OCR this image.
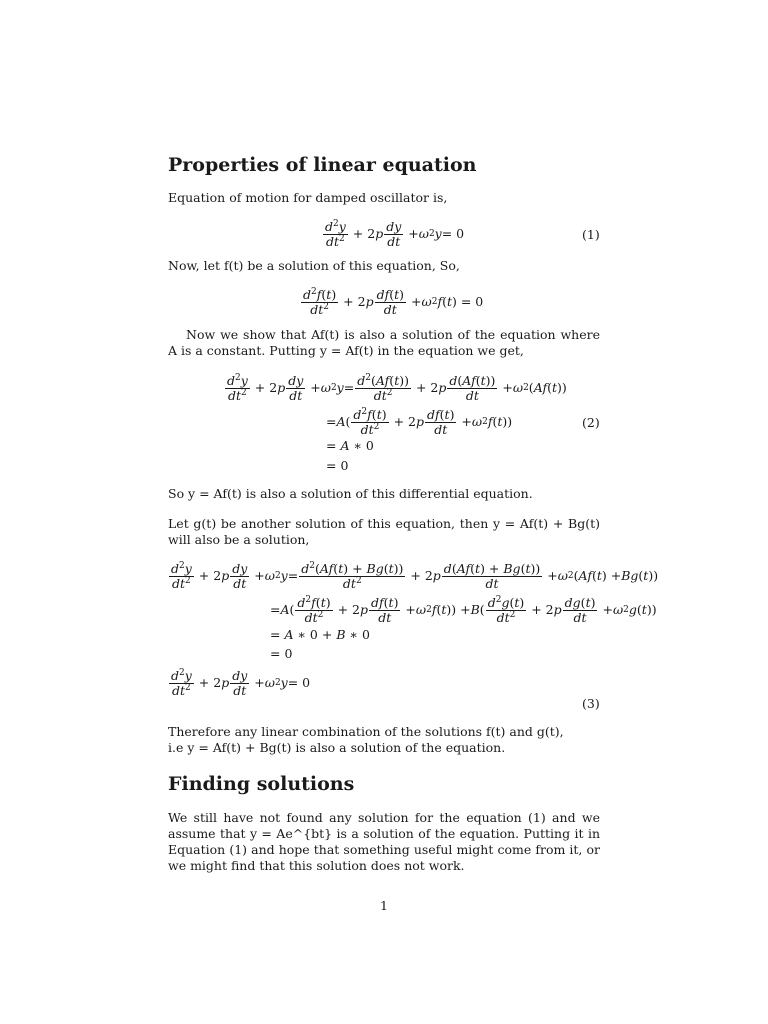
Properties of linear equation
Equation of motion for damped oscillator is,
$\frac{d^2y}{dt^2} + 2$ p $\frac{dy}{dt} + \omega$ 2 y = 0	(1)
Now, let f(t) be a solution of this equation, So,
$\frac{d^2f(t)}{dt^2} + 2$ p $\frac{df(t)}{dt} + \omega$ 2 f ( t ) = 0
Now we show that Af(t) is also a solution of the equation where A is a constant. Putting y = Af(t) in the equation we get,
$\frac{d^2y}{dt^2} + 2$ p $\frac{dy}{dt} + \omega$ 2 $y = \frac{d^2(Af(t))}{dt^2} + 2$ p $\frac{d(Af(t))}{dt} + \omega$ 2 ( Af ( t ))
= A ( $\frac{d^2f(t)}{dt^2} + 2$ p $\frac{df(t)}{dt} + \omega$ 2 f ( t ))	(2)
= A ∗ 0
= 0
So y = Af(t) is also a solution of this differential equation.
Let g(t) be another solution of this equation, then y = Af(t) + Bg(t) will also be a solution,
$\frac{d^2y}{dt^2} + 2$ p $\frac{dy}{dt} + \omega$ 2 $y = \frac{d^2(Af(t) + Bg(t))}{dt^2} + 2$ p $\frac{d(Af(t) + Bg(t))}{dt} + \omega$ 2 ( Af ( t ) + Bg ( t ))
= A ( $\frac{d^2f(t)}{dt^2} + 2$ p $\frac{df(t)}{dt} + \omega$ 2 f ( t )) + B ( $\frac{d^2g(t)}{dt^2} + 2$ p $\frac{dg(t)}{dt} + \omega$ 2 g ( t ))
= A ∗ 0 + B ∗ 0
= 0
$\frac{d^2y}{dt^2} + 2$ p $\frac{dy}{dt} + \omega$ 2 y = 0
(3)
Therefore any linear combination of the solutions f(t) and g(t),
i.e y = Af(t) + Bg(t) is also a solution of the equation.
Finding solutions
We still have not found any solution for the equation (1) and we assume that y = Ae^{bt} is a solution of the equation. Putting it in Equation (1) and hope that something useful might come from it, or we might find that this solution does not work.
1
